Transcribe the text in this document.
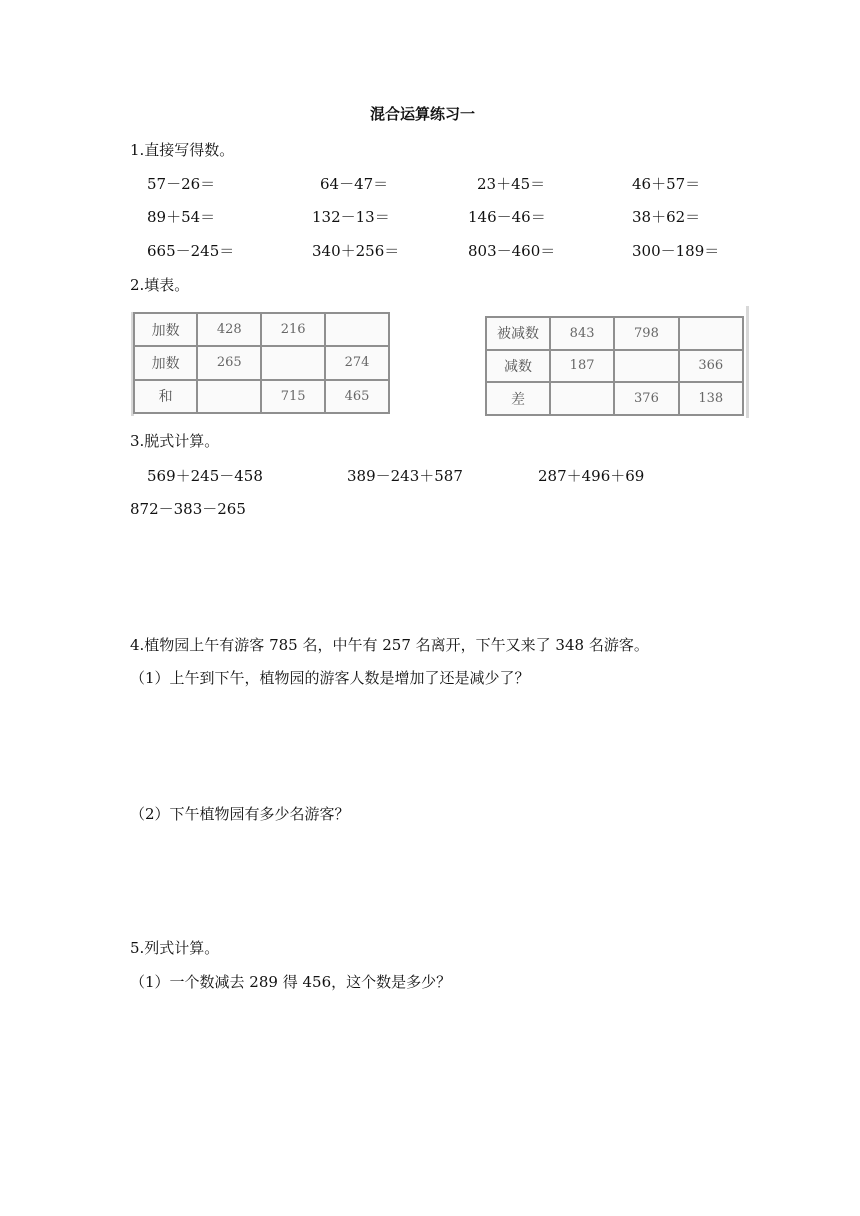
混合运算练习一
1.直接写得数。
57－26＝	64－47＝	23＋45＝	46＋57＝
89＋54＝	132－13＝	146－46＝	38＋62＝
665－245＝	340＋256＝	803－460＝	300－189＝
2.填表。
加数	428	216	
加数	265		274
和		715	465
被减数	843	798	
减数	187		366
差		376	138
3.脱式计算。
569＋245－458	389－243＋587	287＋496＋69
872－383－265
4.植物园上午有游客 785 名，中午有 257 名离开，下午又来了 348 名游客。
（1）上午到下午，植物园的游客人数是增加了还是减少了？
（2）下午植物园有多少名游客？
5.列式计算。
（1）一个数减去 289 得 456，这个数是多少？
